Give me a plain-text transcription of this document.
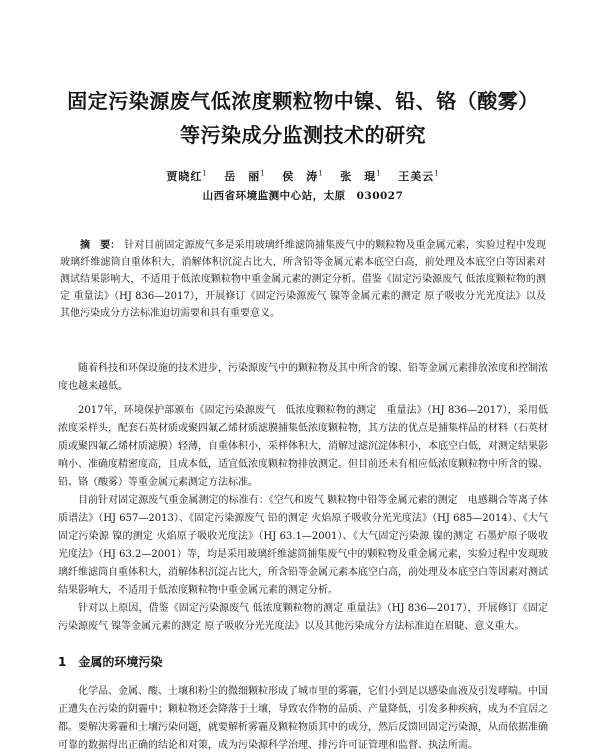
固定污染源废气低浓度颗粒物中镍、铅、铬（酸雾）
等污染成分监测技术的研究
贾晓红$^1$ 岳　丽$^1$ 侯　涛$^1$ 张　琨$^1$ 王美云$^1$
山西省环境监测中心站，太原　030027
摘　要： 针对目前固定源废气多是采用玻璃纤维滤筒捕集废气中的颗粒物及重金属元素，实验过程中发现玻璃纤维滤筒自重体积大，消解体积沉淀占比大，所含铅等金属元素本底空白高，前处理及本底空白等因素对测试结果影响大，不适用于低浓度颗粒物中重金属元素的测定分析。借鉴《固定污染源废气 低浓度颗粒物的测定 重量法》（HJ 836—2017），开展修订《固定污染源废气 镍等金属元素的测定 原子吸收分光光度法》以及其他污染成分方法标准迫切需要和具有重要意义。

随着科技和环保设施的技术进步，污染源废气中的颗粒物及其中所含的镍、铅等金属元素排放浓度和控制浓度也越来越低。

2017年，环境保护部颁布《固定污染源废气　低浓度颗粒物的测定　重量法》（HJ 836—2017），采用低浓度采样头，配套石英材质或聚四氟乙烯材质滤膜捕集低浓度颗粒物，其方法的优点是捕集样品的材料（石英材质或聚四氟乙烯材质滤膜）轻薄，自重体积小，采样体积大，消解过滤沉淀体积小，本底空白低，对测定结果影响小、准确度精密度高，且成本低，适宜低浓度颗粒物排放测定。但目前还未有相应低浓度颗粒物中所含的镍、铅、铬（酸雾）等重金属元素测定方法标准。

目前针对固定源废气重金属测定的标准有：《空气和废气 颗粒物中铅等金属元素的测定　电感耦合等离子体质谱法》（HJ 657—2013）、《固定污染源废气 铅的测定 火焰原子吸收分光光度法》（HJ 685—2014）、《大气固定污染源 镍的测定 火焰原子吸收光度法》（HJ 63.1—2001）、《大气固定污染源 镍的测定 石墨炉原子吸收光度法》（HJ 63.2—2001）等，均是采用玻璃纤维滤筒捕集废气中的颗粒物及重金属元素，实验过程中发现玻璃纤维滤筒自重体积大，消解体积沉淀占比大，所含铅等金属元素本底空白高，前处理及本底空白等因素对测试结果影响大，不适用于低浓度颗粒物中重金属元素的测定分析。

针对以上原因，借鉴《固定污染源废气 低浓度颗粒物的测定 重量法》（HJ 836—2017），开展修订《固定污染源废气 镍等金属元素的测定 原子吸收分光光度法》以及其他污染成分方法标准迫在眉睫、意义重大。

1 金属的环境污染

化学品、金属、酸、土壤和粉尘的微细颗粒形成了城市里的雾霾，它们小到足以感染血液及引发哮喘。中国正遭失在污染的阴霾中；颗粒物还会降落于土壤，导致农作物的品质、产量降低，引发多种疾病，成为不宜居之都。要解决雾霾和土壤污染问题，就要解析雾霾及颗粒物质其中的成分，然后反馈回固定污染源，从而依据准确可靠的数据得出正确的结论和对策，成为污染源科学治理、排污许可证管理和监督、执法所需。
